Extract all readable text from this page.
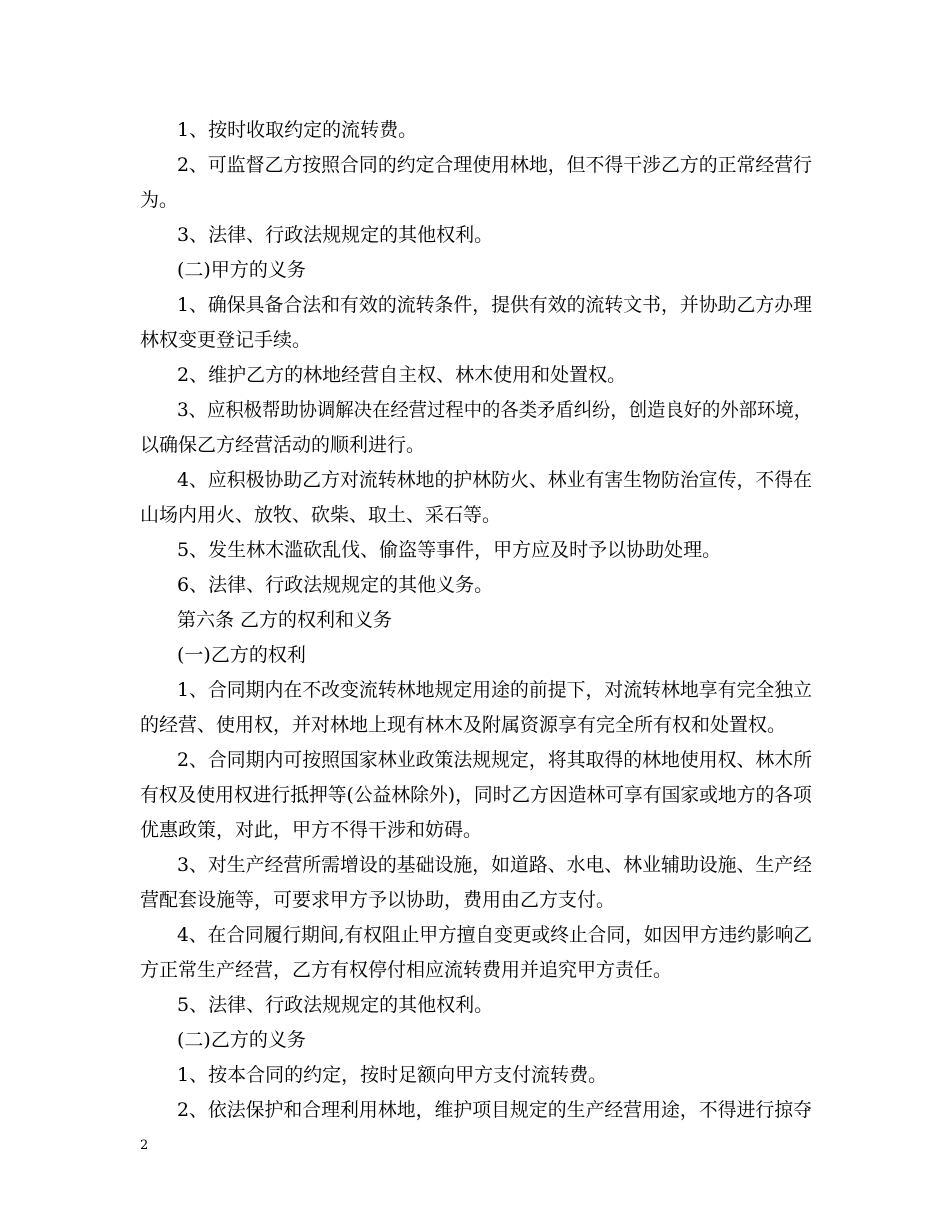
1、按时收取约定的流转费。
2、可监督乙方按照合同的约定合理使用林地，但不得干涉乙方的正常经营行
为。
3、法律、行政法规规定的其他权利。
(二)甲方的义务
1、确保具备合法和有效的流转条件，提供有效的流转文书，并协助乙方办理
林权变更登记手续。
2、维护乙方的林地经营自主权、林木使用和处置权。
3、应积极帮助协调解决在经营过程中的各类矛盾纠纷，创造良好的外部环境，
以确保乙方经营活动的顺利进行。
4、应积极协助乙方对流转林地的护林防火、林业有害生物防治宣传，不得在
山场内用火、放牧、砍柴、取土、采石等。
5、发生林木滥砍乱伐、偷盗等事件，甲方应及时予以协助处理。
6、法律、行政法规规定的其他义务。
第六条 乙方的权利和义务
(一)乙方的权利
1、合同期内在不改变流转林地规定用途的前提下，对流转林地享有完全独立
的经营、使用权，并对林地上现有林木及附属资源享有完全所有权和处置权。
2、合同期内可按照国家林业政策法规规定，将其取得的林地使用权、林木所
有权及使用权进行抵押等(公益林除外)，同时乙方因造林可享有国家或地方的各项
优惠政策，对此，甲方不得干涉和妨碍。
3、对生产经营所需增设的基础设施，如道路、水电、林业辅助设施、生产经
营配套设施等，可要求甲方予以协助，费用由乙方支付。
4、在合同履行期间,有权阻止甲方擅自变更或终止合同，如因甲方违约影响乙
方正常生产经营，乙方有权停付相应流转费用并追究甲方责任。
5、法律、行政法规规定的其他权利。
(二)乙方的义务
1、按本合同的约定，按时足额向甲方支付流转费。
2、依法保护和合理利用林地，维护项目规定的生产经营用途，不得进行掠夺
2
